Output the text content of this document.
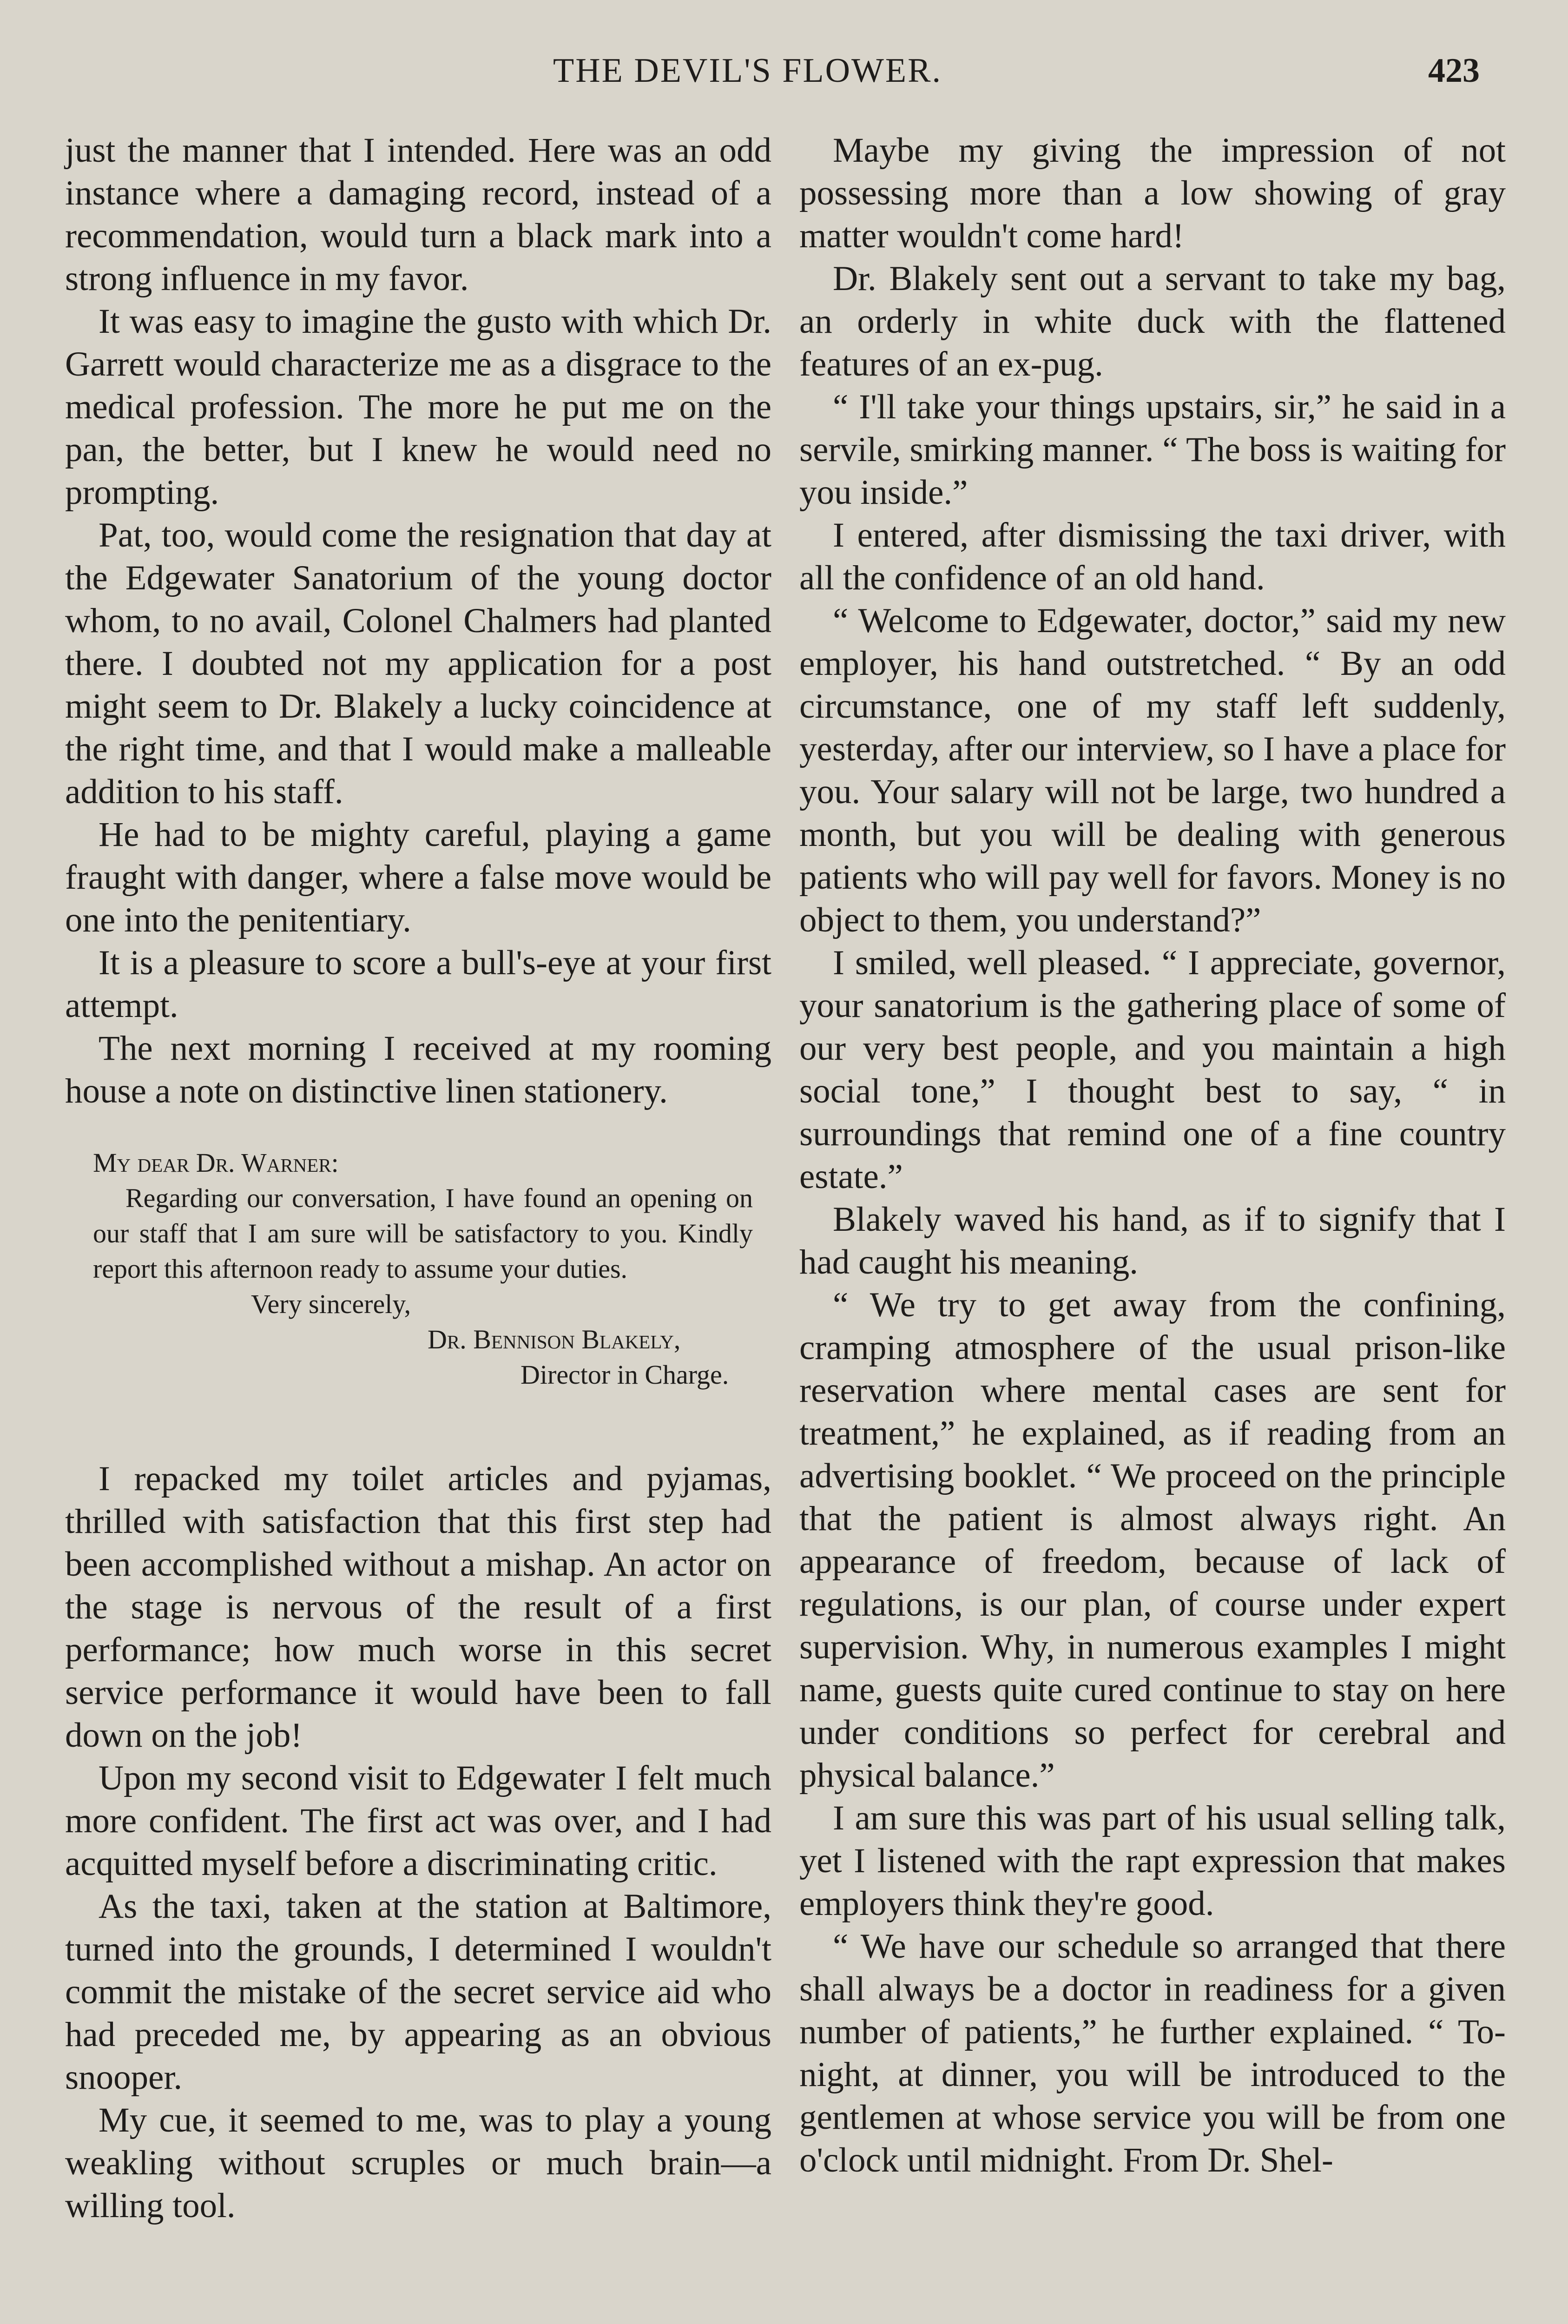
THE DEVIL'S FLOWER.	423

just the manner that I intended. Here was an odd instance where a damaging record, instead of a recommendation, would turn a black mark into a strong influence in my favor.

It was easy to imagine the gusto with which Dr. Garrett would characterize me as a disgrace to the medical profession. The more he put me on the pan, the better, but I knew he would need no prompting.

Pat, too, would come the resignation that day at the Edgewater Sanatorium of the young doctor whom, to no avail, Colonel Chalmers had planted there. I doubted not my application for a post might seem to Dr. Blakely a lucky coincidence at the right time, and that I would make a malleable addition to his staff.

He had to be mighty careful, playing a game fraught with danger, where a false move would be one into the penitentiary.

It is a pleasure to score a bull's-eye at your first attempt.

The next morning I received at my rooming house a note on distinctive linen stationery.

My dear Dr. Warner:

Regarding our conversation, I have found an opening on our staff that I am sure will be satisfactory to you. Kindly report this afternoon ready to assume your duties.

Very sincerely,

Dr. Bennison Blakely,

Director in Charge.

I repacked my toilet articles and pyjamas, thrilled with satisfaction that this first step had been accomplished without a mishap. An actor on the stage is nervous of the result of a first performance; how much worse in this secret service performance it would have been to fall down on the job!

Upon my second visit to Edgewater I felt much more confident. The first act was over, and I had acquitted myself before a discriminating critic.

As the taxi, taken at the station at Baltimore, turned into the grounds, I determined I wouldn't commit the mistake of the secret service aid who had preceded me, by appearing as an obvious snooper.

My cue, it seemed to me, was to play a young weakling without scruples or much brain—a willing tool.

Maybe my giving the impression of not possessing more than a low showing of gray matter wouldn't come hard!

Dr. Blakely sent out a servant to take my bag, an orderly in white duck with the flattened features of an ex-pug.

“ I'll take your things upstairs, sir,” he said in a servile, smirking manner. “ The boss is waiting for you inside.”

I entered, after dismissing the taxi driver, with all the confidence of an old hand.

“ Welcome to Edgewater, doctor,” said my new employer, his hand outstretched. “ By an odd circumstance, one of my staff left suddenly, yesterday, after our interview, so I have a place for you. Your salary will not be large, two hundred a month, but you will be dealing with generous patients who will pay well for favors. Money is no object to them, you understand?”

I smiled, well pleased. “ I appreciate, governor, your sanatorium is the gathering place of some of our very best people, and you maintain a high social tone,” I thought best to say, “ in surroundings that remind one of a fine country estate.”

Blakely waved his hand, as if to signify that I had caught his meaning.

“ We try to get away from the confining, cramping atmosphere of the usual prison-like reservation where mental cases are sent for treatment,” he explained, as if reading from an advertising booklet. “ We proceed on the principle that the patient is almost always right. An appearance of freedom, because of lack of regulations, is our plan, of course under expert supervision. Why, in numerous examples I might name, guests quite cured continue to stay on here under conditions so perfect for cerebral and physical balance.”

I am sure this was part of his usual selling talk, yet I listened with the rapt expression that makes employers think they're good.

“ We have our schedule so arranged that there shall always be a doctor in readiness for a given number of patients,” he further explained. “ To-night, at dinner, you will be introduced to the gentlemen at whose service you will be from one o'clock until midnight. From Dr. Shel-
